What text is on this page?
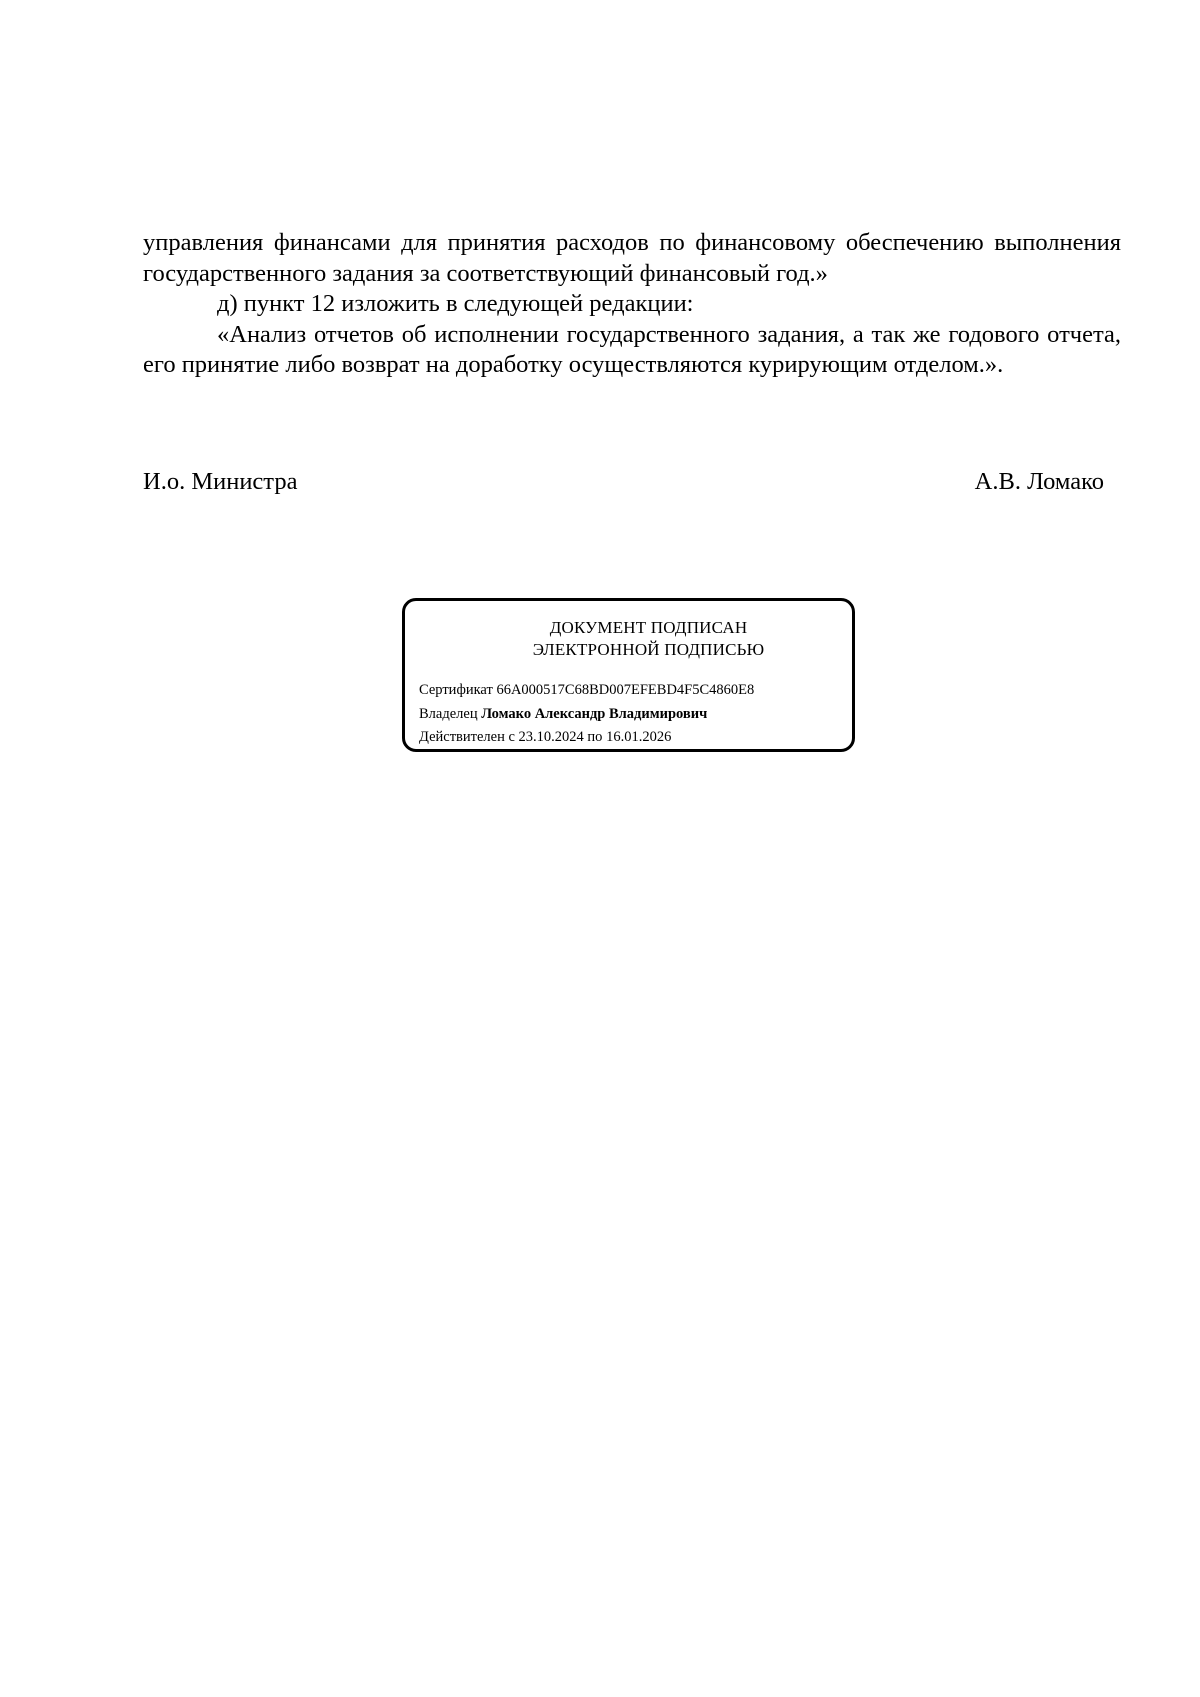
управления финансами для принятия расходов по финансовому обеспечению выполнения государственного задания за соответствующий финансовый год.»

д) пункт 12 изложить в следующей редакции:

«Анализ отчетов об исполнении государственного задания, а так же годового отчета, его принятие либо возврат на доработку осуществляются курирующим отделом.».

И.о. Министра	А.В. Ломако
ДОКУМЕНТ ПОДПИСАН
ЭЛЕКТРОННОЙ ПОДПИСЬЮ
Сертификат 66A000517C68BD007EFEBD4F5C4860E8
Владелец Ломако Александр Владимирович
Действителен с 23.10.2024 по 16.01.2026
